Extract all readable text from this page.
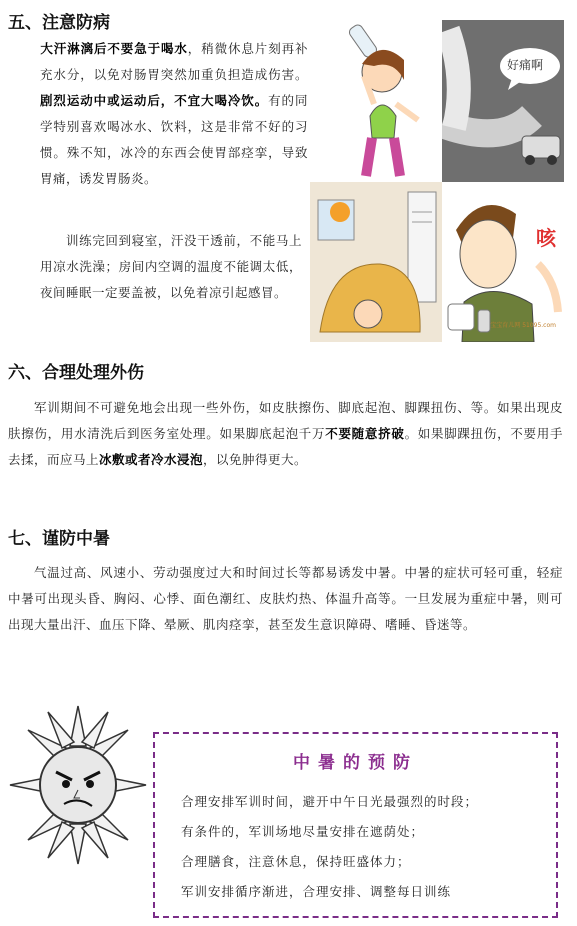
五、注意防病
大汗淋漓后不要急于喝水，稍微休息片刻再补充水分，以免对肠胃突然加重负担造成伤害。剧烈运动中或运动后，不宜大喝冷饮。有的同学特别喜欢喝冰水、饮料，这是非常不好的习惯。殊不知，冰冷的东西会使胃部痉挛，导致胃痛，诱发胃肠炎。
训练完回到寝室，汗没干透前，不能马上用凉水洗澡；房间内空调的温度不能调太低，夜间睡眠一定要盖被，以免着凉引起感冒。
好痛啊
咳
宝宝育儿网 51095.com
六、合理处理外伤
军训期间不可避免地会出现一些外伤，如皮肤擦伤、脚底起泡、脚踝扭伤、等。如果出现皮肤擦伤，用水清洗后到医务室处理。如果脚底起泡千万不要随意挤破。如果脚踝扭伤，不要用手去揉，而应马上冰敷或者冷水浸泡，以免肿得更大。
七、谨防中暑
气温过高、风速小、劳动强度过大和时间过长等都易诱发中暑。中暑的症状可轻可重，轻症中暑可出现头昏、胸闷、心悸、面色潮红、皮肤灼热、体温升高等。一旦发展为重症中暑，则可出现大量出汗、血压下降、晕厥、肌肉痉挛，甚至发生意识障碍、嗜睡、昏迷等。
中暑的预防
合理安排军训时间，避开中午日光最强烈的时段；
有条件的，军训场地尽量安排在遮荫处；
合理膳食，注意休息，保持旺盛体力；
军训安排循序渐进，合理安排、调整每日训练
